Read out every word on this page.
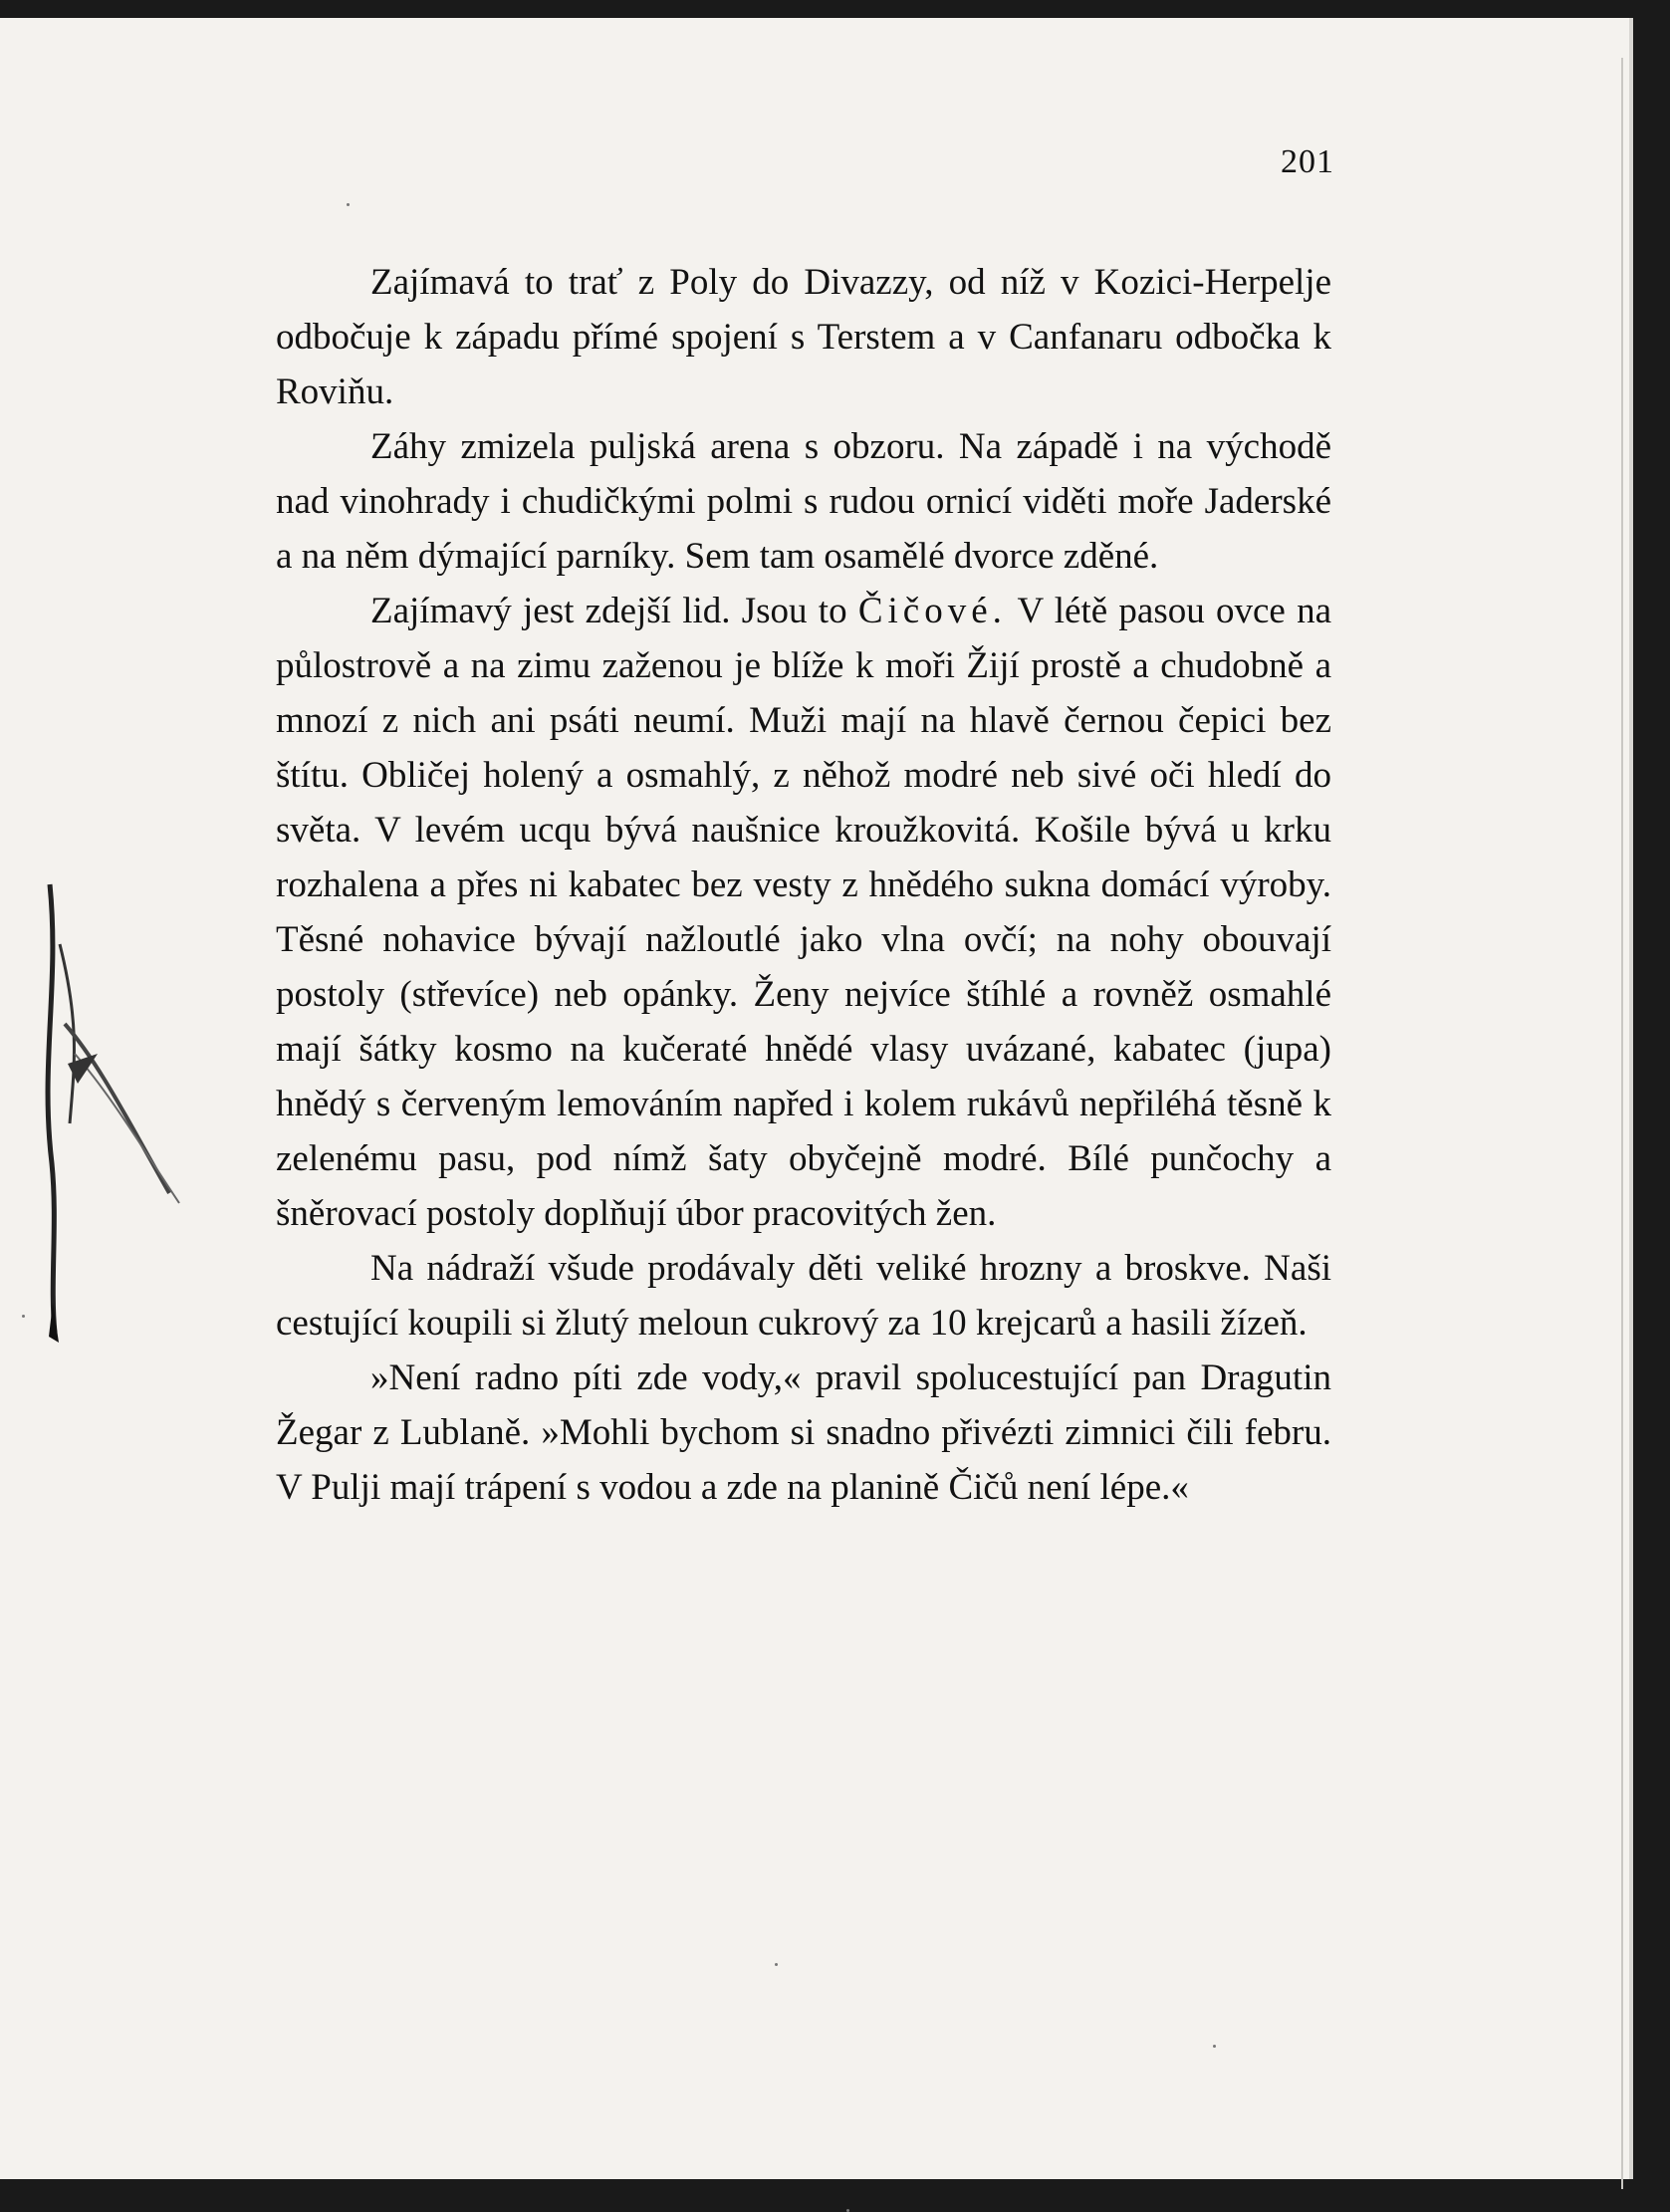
201

Zajímavá to trať z Poly do Divazzy, od níž v Kozici-Herpelje odbočuje k západu přímé spojení s Terstem a v Canfanaru odbočka k Roviňu.

Záhy zmizela puljská arena s obzoru. Na západě i na východě nad vinohrady i chudičkými polmi s rudou ornicí viděti moře Jaderské a na něm dýmající parníky. Sem tam osamělé dvorce zděné.

Zajímavý jest zdejší lid. Jsou to Čičové. V létě pasou ovce na půlostrově a na zimu zaženou je blíže k moři Žijí prostě a chudobně a mnozí z nich ani psáti neumí. Muži mají na hlavě černou čepici bez štítu. Obličej holený a osmahlý, z něhož modré neb sivé oči hledí do světa. V levém ucqu bývá naušnice kroužkovitá. Košile bývá u krku rozhalena a přes ni kabatec bez vesty z hnědého sukna domácí výroby. Těsné nohavice bývají nažloutlé jako vlna ovčí; na nohy obouvají postoly (střevíce) neb opánky. Ženy nejvíce štíhlé a rovněž osmahlé mají šátky kosmo na kučeraté hnědé vlasy uvázané, kabatec (jupa) hnědý s červeným lemováním napřed i kolem rukávů nepřiléhá těsně k zelenému pasu, pod nímž šaty obyčejně modré. Bílé punčochy a šněrovací postoly doplňují úbor pracovitých žen.

Na nádraží všude prodávaly děti veliké hrozny a broskve. Naši cestující koupili si žlutý meloun cukrový za 10 krejcarů a hasili žízeň.

»Není radno píti zde vody,« pravil spolucestující pan Dragutin Žegar z Lublaně. »Mohli bychom si snadno přivézti zimnici čili febru. V Pulji mají trápení s vodou a zde na planině Čičů není lépe.«
